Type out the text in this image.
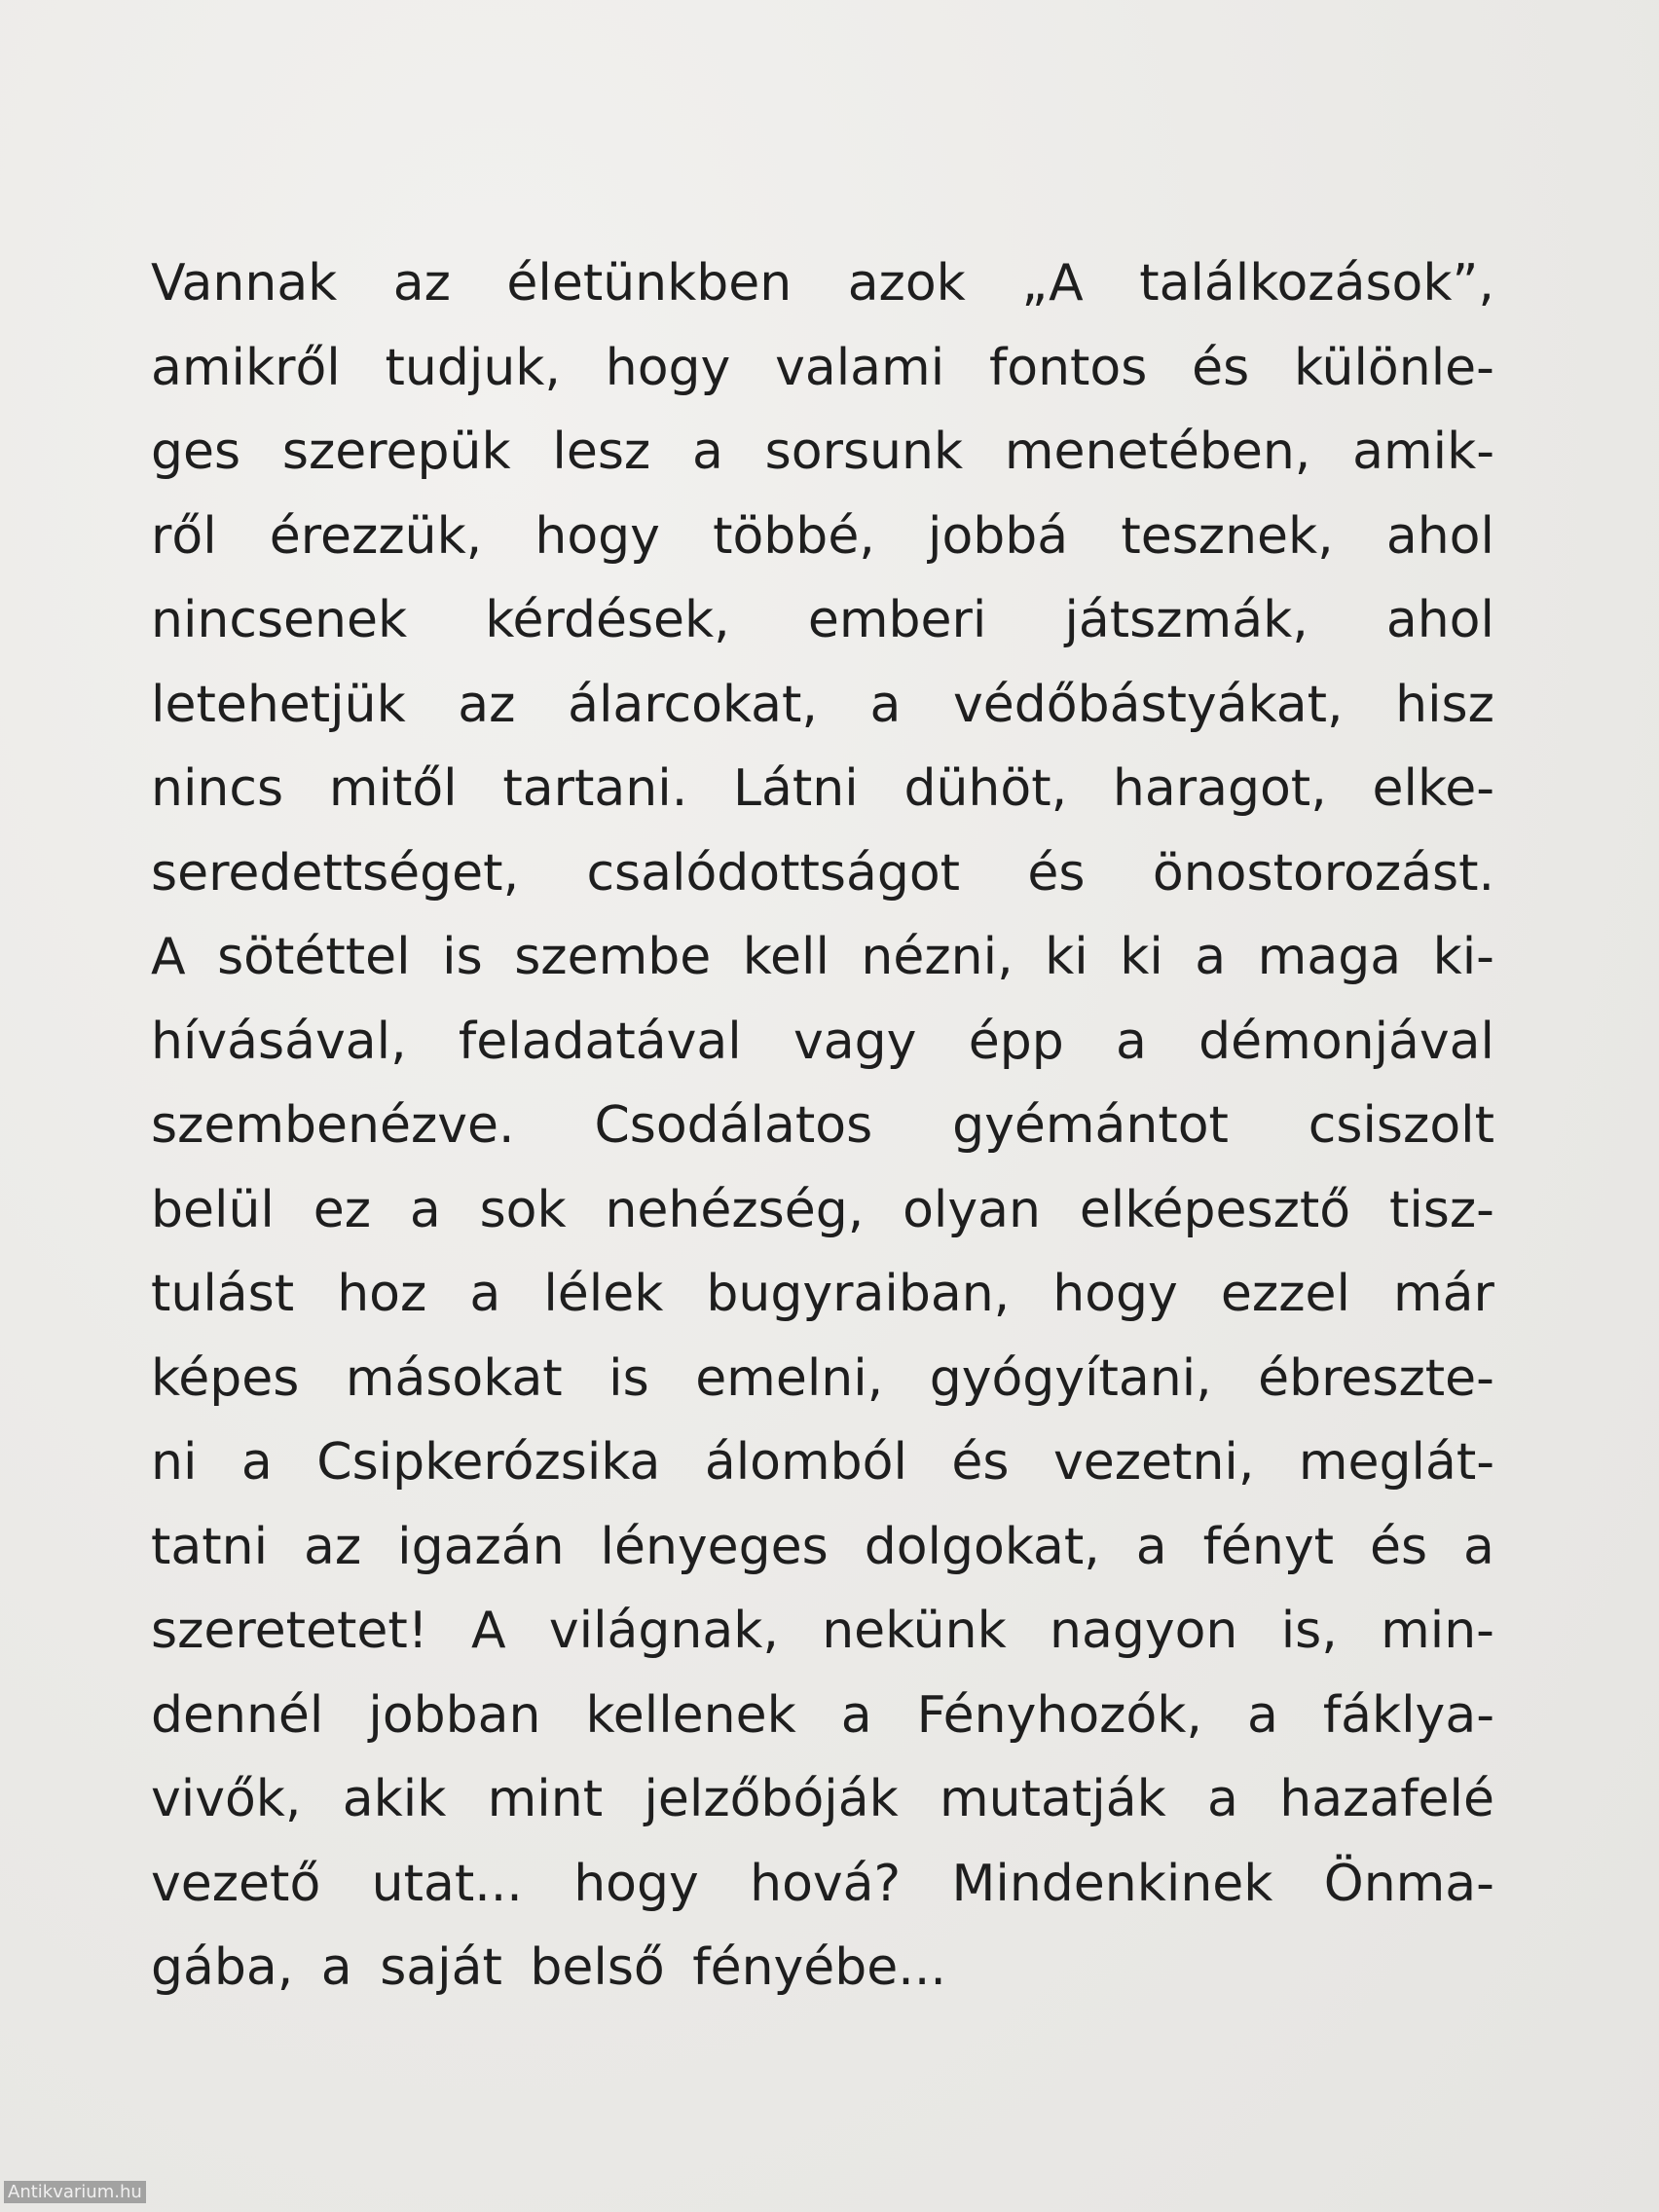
Vannak az életünkben azok „A találkozások”,
amikről tudjuk, hogy valami fontos és különle-
ges szerepük lesz a sorsunk menetében, amik-
ről érezzük, hogy többé, jobbá tesznek, ahol
nincsenek kérdések, emberi játszmák, ahol
letehetjük az álarcokat, a védőbástyákat, hisz
nincs mitől tartani. Látni dühöt, haragot, elke-
seredettséget, csalódottságot és önostorozást.
A sötéttel is szembe kell nézni, ki ki a maga ki-
hívásával, feladatával vagy épp a démonjával
szembenézve. Csodálatos gyémántot csiszolt
belül ez a sok nehézség, olyan elképesztő tisz-
tulást hoz a lélek bugyraiban, hogy ezzel már
képes másokat is emelni, gyógyítani, ébreszte-
ni a Csipkerózsika álomból és vezetni, meglát-
tatni az igazán lényeges dolgokat, a fényt és a
szeretetet! A világnak, nekünk nagyon is, min-
dennél jobban kellenek a Fényhozók, a fáklya-
vivők, akik mint jelzőbóják mutatják a hazafelé
vezető utat... hogy hová? Mindenkinek Önma-
gába, a saját belső fényébe...
Antikvarium.hu
